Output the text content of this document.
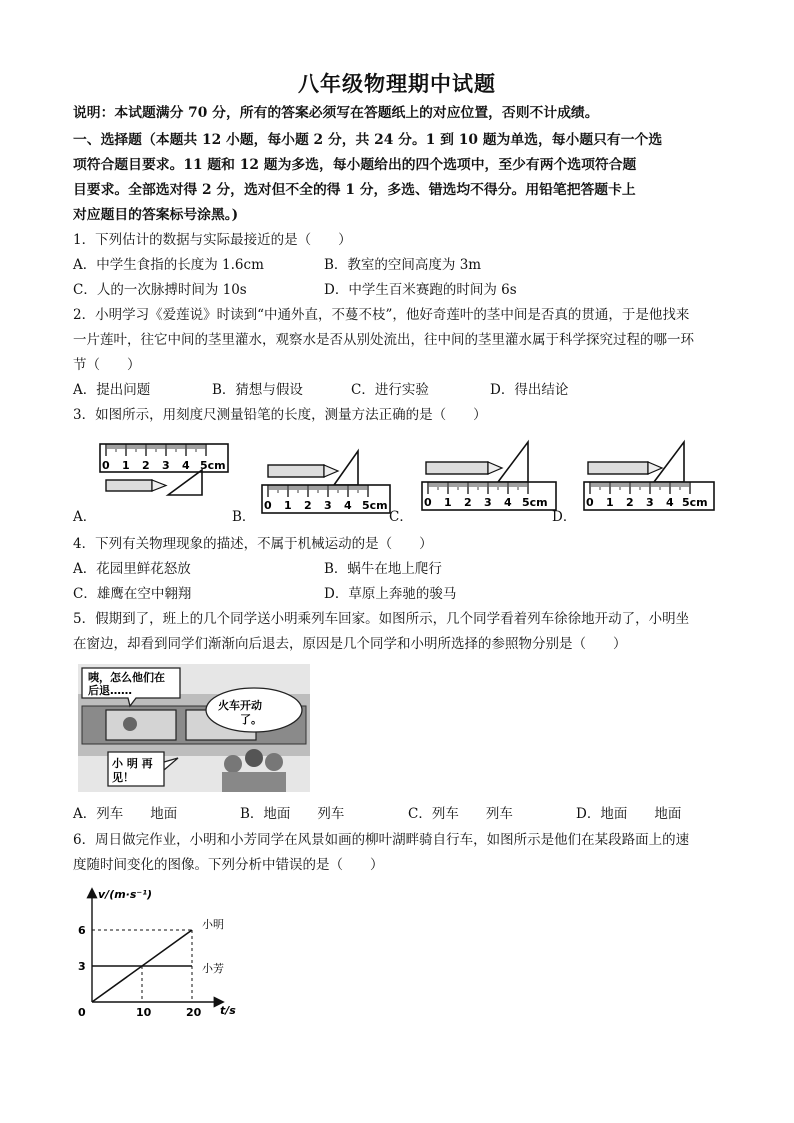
八年级物理期中试题
说明：本试题满分 70 分，所有的答案必须写在答题纸上的对应位置，否则不计成绩。
一、选择题（本题共 12 小题，每小题 2 分，共 24 分。1 到 10 题为单选，每小题只有一个选
项符合题目要求。11 题和 12 题为多选，每小题给出的四个选项中，至少有两个选项符合题
目要求。全部选对得 2 分，选对但不全的得 1 分，多选、错选均不得分。用铅笔把答题卡上
对应题目的答案标号涂黑。)
1．下列估计的数据与实际最接近的是（　　）
A．中学生食指的长度为 1.6cm	B．教室的空间高度为 3m
C．人的一次脉搏时间为 10s	D．中学生百米赛跑的时间为 6s
2．小明学习《爱莲说》时读到“中通外直，不蔓不枝”，他好奇莲叶的茎中间是否真的贯通，于是他找来
一片莲叶，往它中间的茎里灌水，观察水是否从别处流出，往中间的茎里灌水属于科学探究过程的哪一环
节（　　）
A．提出问题	B．猜想与假设	C．进行实验	D．得出结论
3．如图所示，用刻度尺测量铅笔的长度，测量方法正确的是（　　）
0 1 2 3 4 5cm
A．
0 1 2 3 4 5cm
B．
0 1 2 3 4 5cm
C．
0 1 2 3 4 5cm
D．
4．下列有关物理现象的描述，不属于机械运动的是（　　）
A．花园里鲜花怒放	B．蜗牛在地上爬行
C．雄鹰在空中翱翔	D．草原上奔驰的骏马
5．假期到了，班上的几个同学送小明乘列车回家。如图所示，几个同学看着列车徐徐地开动了，小明坐
在窗边，却看到同学们渐渐向后退去，原因是几个同学和小明所选择的参照物分别是（　　）
咦，怎么他们在
后退……
火车开动
了。
小 明 再
见！
A．列车　　地面	B．地面　　列车	C．列车　　列车	D．地面　　地面
6．周日做完作业，小明和小芳同学在风景如画的柳叶湖畔骑自行车，如图所示是他们在某段路面上的速
度随时间变化的图像。下列分析中错误的是（　　）
小明
小芳
v/(m·s⁻¹)
t/s
3
6
0	10	20
